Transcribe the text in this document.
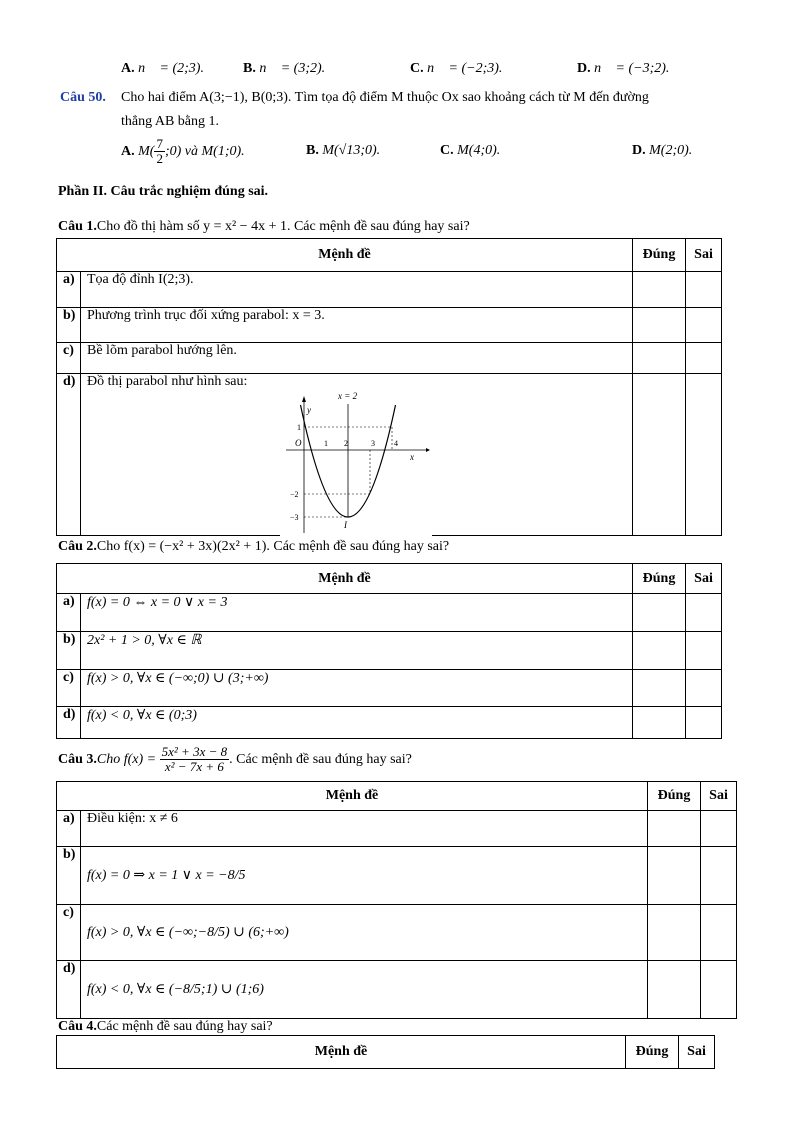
A. n⃗ = (2;3).	B. n⃗ = (3;2).	C. n⃗ = (−2;3).	D. n⃗ = (−3;2).
Câu 50. Cho hai điểm A(3;−1), B(0;3). Tìm tọa độ điểm M thuộc Ox sao khoảng cách từ M đến đường
thẳng AB bằng 1.
A. $M( \frac{7}{2}$ ;0) và M(1;0).	B. M(√13;0).	C. M(4;0).	D. M(2;0).
Phần II. Câu trắc nghiệm đúng sai.
Câu 1.Cho đồ thị hàm số y = x² − 4x + 1. Các mệnh đề sau đúng hay sai?
Mệnh đề		Đúng	Sai
a)	Tọa độ đỉnh I(2;3).		
b)	Phương trình trục đối xứng parabol: x = 3.		
c)	Bề lõm parabol hướng lên.		
d)	Đồ thị parabol như hình sau:		
x = 2
y
x
O	1 2	3 4
1
−2
−3
I
Câu 2.Cho f(x) = (−x² + 3x)(2x² + 1). Các mệnh đề sau đúng hay sai?
Mệnh đề		Đúng	Sai
a)	f(x) = 0 ⇔ x = 0 ∨ x = 3		
b)	2x² + 1 > 0, ∀x ∈ ℝ		
c)	f(x) > 0, ∀x ∈ (−∞;0) ∪ (3;+∞)		
d)	f(x) < 0, ∀x ∈ (0;3)		
Câu 3.Cho $f(x) = \frac{\text{5x² + 3x − 8}}{\text{x² − 7x + 6}}$ . Các mệnh đề sau đúng hay sai?
Mệnh đề		Đúng	Sai
a)	Điều kiện: x ≠ 6		
b)	f(x) = 0 ⇒ x = 1 ∨ x = −8/5		
c)	f(x) > 0, ∀x ∈ (−∞;−8/5) ∪ (6;+∞)		
d)	f(x) < 0, ∀x ∈ (−8/5;1) ∪ (1;6)		
Câu 4.Các mệnh đề sau đúng hay sai?
Mệnh đề	Đúng	Sai
